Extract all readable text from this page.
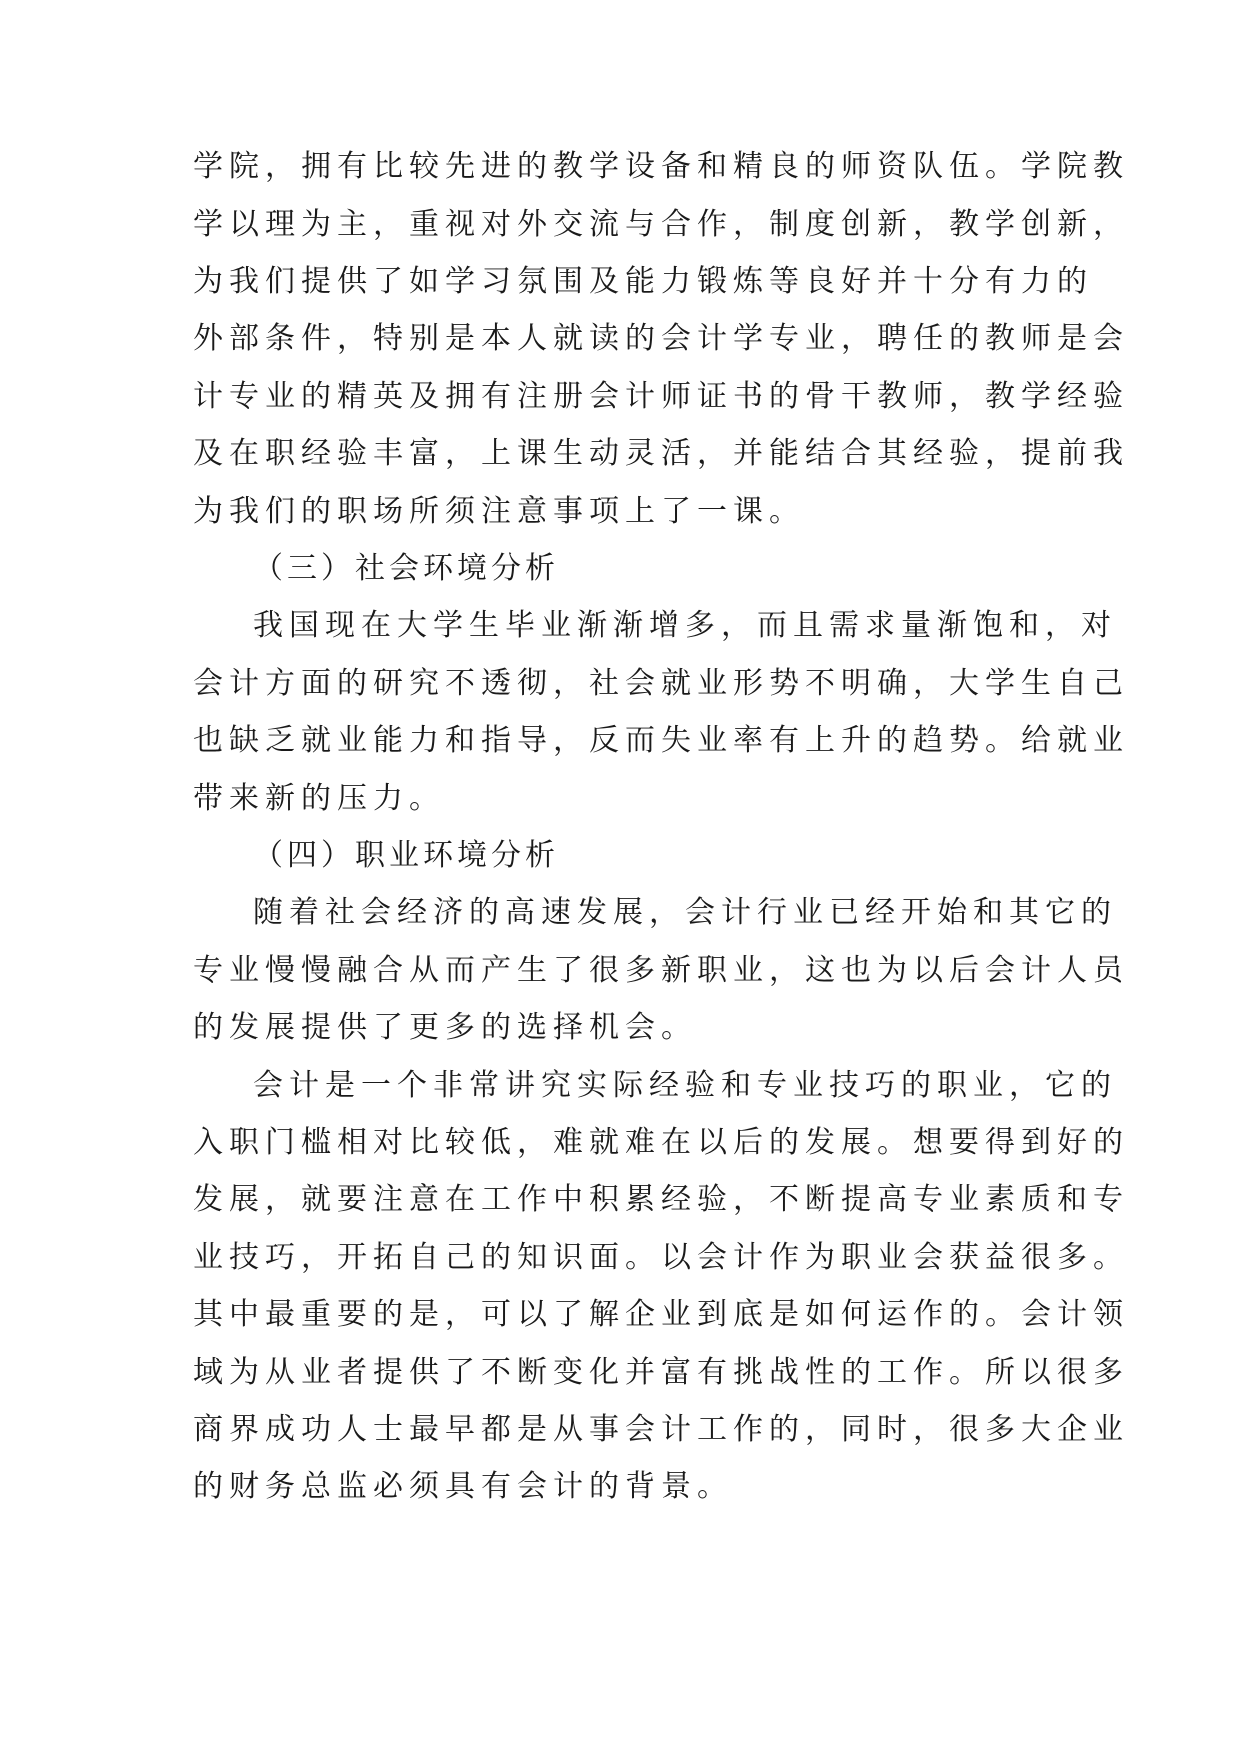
学院，拥有比较先进的教学设备和精良的师资队伍。学院教
学以理为主，重视对外交流与合作，制度创新，教学创新，
为我们提供了如学习氛围及能力锻炼等良好并十分有力的
外部条件，特别是本人就读的会计学专业，聘任的教师是会
计专业的精英及拥有注册会计师证书的骨干教师，教学经验
及在职经验丰富，上课生动灵活，并能结合其经验，提前我
为我们的职场所须注意事项上了一课。
（三）社会环境分析
我国现在大学生毕业渐渐增多，而且需求量渐饱和，对
会计方面的研究不透彻，社会就业形势不明确，大学生自己
也缺乏就业能力和指导，反而失业率有上升的趋势。给就业
带来新的压力。
（四）职业环境分析
随着社会经济的高速发展，会计行业已经开始和其它的
专业慢慢融合从而产生了很多新职业，这也为以后会计人员
的发展提供了更多的选择机会。
会计是一个非常讲究实际经验和专业技巧的职业，它的
入职门槛相对比较低，难就难在以后的发展。想要得到好的
发展，就要注意在工作中积累经验，不断提高专业素质和专
业技巧，开拓自己的知识面。以会计作为职业会获益很多。
其中最重要的是，可以了解企业到底是如何运作的。会计领
域为从业者提供了不断变化并富有挑战性的工作。所以很多
商界成功人士最早都是从事会计工作的，同时，很多大企业
的财务总监必须具有会计的背景。
